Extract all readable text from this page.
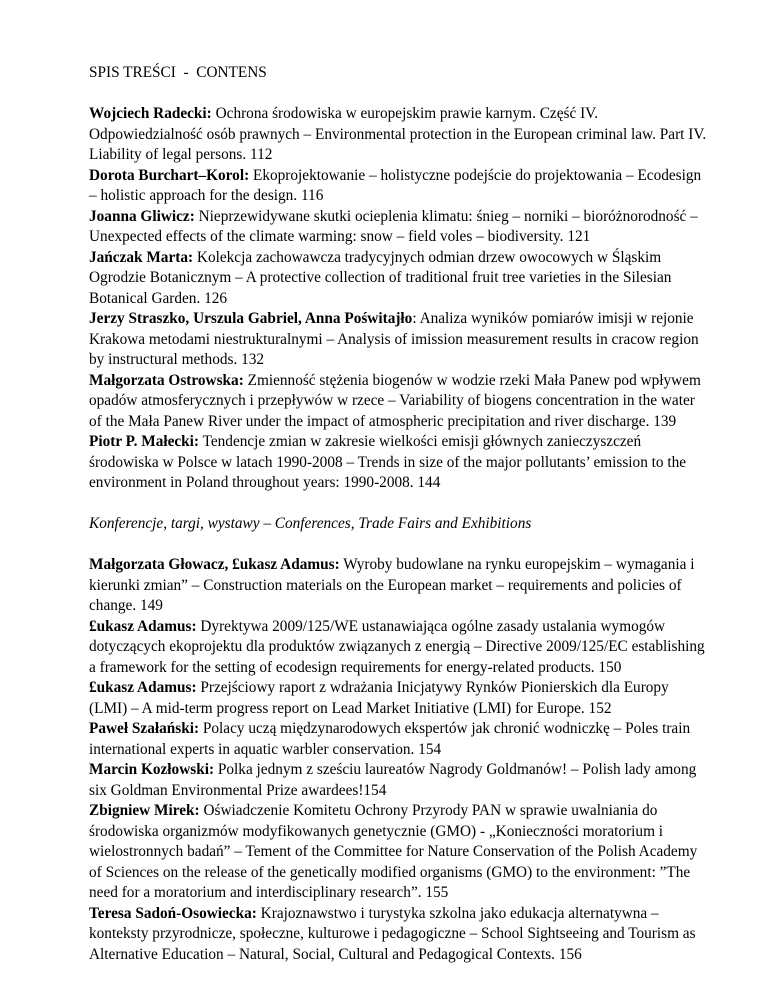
SPIS TREŚCI  -  CONTENS

Wojciech Radecki: Ochrona środowiska w europejskim prawie karnym. Część IV. Odpowiedzialność osób prawnych – Environmental protection in the European criminal law. Part IV. Liability of legal persons. 112

Dorota Burchart–Korol: Ekoprojektowanie – holistyczne podejście do projektowania – Ecodesign – holistic approach for the design. 116

Joanna Gliwicz: Nieprzewidywane skutki ocieplenia klimatu: śnieg – norniki – bioróżnorodność – Unexpected effects of the climate warming: snow – field voles – biodiversity. 121

Jańczak Marta: Kolekcja zachowawcza tradycyjnych odmian drzew owocowych w Śląskim Ogrodzie Botanicznym – A protective collection of traditional fruit tree varieties in the Silesian Botanical Garden. 126

Jerzy Straszko, Urszula Gabriel, Anna Poświtajło: Analiza wyników pomiarów imisji w rejonie Krakowa metodami niestrukturalnymi – Analysis of imission measurement results in cracow region by instructural methods. 132

Małgorzata Ostrowska: Zmienność stężenia biogenów w wodzie rzeki Mała Panew pod wpływem opadów atmosferycznych i przepływów w rzece – Variability of biogens concentration in the water of the Mała Panew River under the impact of atmospheric precipitation and river discharge. 139

Piotr P. Małecki: Tendencje zmian w zakresie wielkości emisji głównych zanieczyszczeń środowiska w Polsce w latach 1990-2008 – Trends in size of the major pollutants’ emission to the environment in Poland throughout years: 1990-2008. 144

Konferencje, targi, wystawy – Conferences, Trade Fairs and Exhibitions

Małgorzata Głowacz, £ukasz Adamus: Wyroby budowlane na rynku europejskim – wymagania i kierunki zmian” – Construction materials on the European market – requirements and policies of change. 149

£ukasz Adamus: Dyrektywa 2009/125/WE ustanawiająca ogólne zasady ustalania wymogów dotyczących ekoprojektu dla produktów związanych z energią – Directive 2009/125/EC establishing a framework for the setting of ecodesign requirements for energy-related products. 150

£ukasz Adamus: Przejściowy raport z wdrażania Inicjatywy Rynków Pionierskich dla Europy (LMI) – A mid-term progress report on Lead Market Initiative (LMI) for Europe. 152

Paweł Szałański: Polacy uczą międzynarodowych ekspertów jak chronić wodniczkę – Poles train international experts in aquatic warbler conservation. 154

Marcin Kozłowski: Polka jednym z sześciu laureatów Nagrody Goldmanów! – Polish lady among six Goldman Environmental Prize awardees!154

Zbigniew Mirek: Oświadczenie Komitetu Ochrony Przyrody PAN w sprawie uwalniania do środowiska organizmów modyfikowanych genetycznie (GMO) - „Konieczności moratorium i wielostronnych badań” – Tement of the Committee for Nature Conservation of the Polish Academy of Sciences on the release of the genetically modified organisms (GMO) to the environment: ”The need for a moratorium and interdisciplinary research”. 155

Teresa Sadoń-Osowiecka: Krajoznawstwo i turystyka szkolna jako edukacja alternatywna – konteksty przyrodnicze, społeczne, kulturowe i pedagogiczne – School Sightseeing and Tourism as Alternative Education – Natural, Social, Cultural and Pedagogical Contexts. 156
